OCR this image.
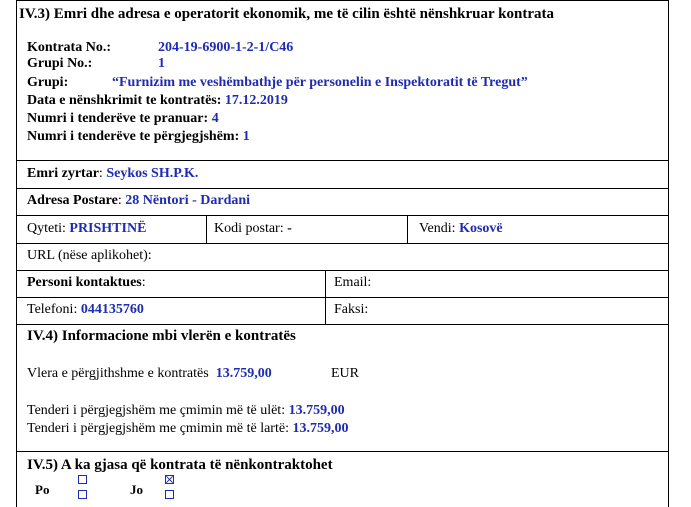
IV.3) Emri dhe adresa e operatorit ekonomik, me të cilin është nënshkruar kontrata
Kontrata No.:	204-19-6900-1-2-1/C46
Grupi No.:	1
Grupi:	“Furnizim me veshëmbathje për personelin e Inspektoratit të Tregut”
Data e nënshkrimit te kontratës: 17.12.2019
Numri i tenderëve te pranuar: 4
Numri i tenderëve te përgjegjshëm: 1
Emri zyrtar: Seykos SH.P.K.
Adresa Postare: 28 Nëntori - Dardani
Qyteti: PRISHTINË	Kodi postar: -	Vendi: Kosovë
URL (nëse aplikohet):
Personi kontaktues:	Email:
Telefoni: 044135760	Faksi:
IV.4) Informacione mbi vlerën e kontratës
Vlera e përgjithshme e kontratës 13.759,00	EUR
Tenderi i përgjegjshëm me çmimin më të ulët: 13.759,00
Tenderi i përgjegjshëm me çmimin më të lartë: 13.759,00
IV.5) A ka gjasa që kontrata të nënkontraktohet
Po	Jo
